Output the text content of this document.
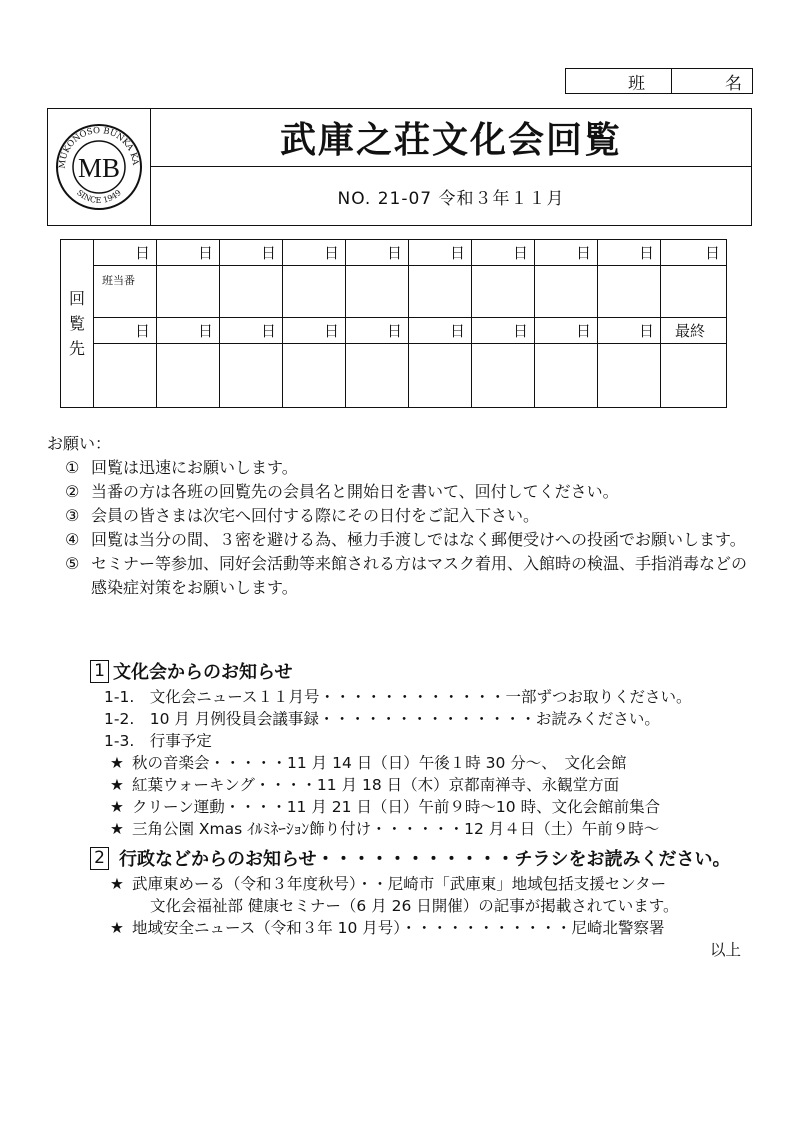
班	名
MUKONOSO BUNKA KA
SINCE 1949
MB
武庫之荘文化会回覧
NO. 21-07 令和３年１１月
回
覧
先	日	日	日	日	日	日	日	日	日	日

	班当番									

	日	日	日	日	日	日	日	日	日	最終

お願い：
① 回覧は迅速にお願いします。
② 当番の方は各班の回覧先の会員名と開始日を書いて、回付してください。
③ 会員の皆さまは次宅へ回付する際にその日付をご記入下さい。
④ 回覧は当分の間、３密を避ける為、極力手渡しではなく郵便受けへの投函でお願いします。
⑤ セミナー等参加、同好会活動等来館される方はマスク着用、入館時の検温、手指消毒などの感染症対策をお願いします。
1 文化会からのお知らせ
1-1.　文化会ニュース１１月号・・・・・・・・・・・・一部ずつお取りください。
1-2.　10 月 月例役員会議事録・・・・・・・・・・・・・・お読みください。
1-3.　行事予定
★ 秋の音楽会・・・・・11 月 14 日（日）午後１時 30 分～、　文化会館
★ 紅葉ウォーキング・・・・11 月 18 日（木）京都南禅寺、永観堂方面
★ クリーン運動・・・・11 月 21 日（日）午前９時～10 時、文化会館前集合
★ 三角公園 Xmas ｲﾙﾐﾈｰｼｮﾝ飾り付け・・・・・・12 月４日（土）午前９時～
2 行政などからのお知らせ・・・・・・・・・・・チラシをお読みください。
★ 武庫東めーる（令和３年度秋号）・・尼崎市「武庫東」地域包括支援センター
文化会福祉部 健康セミナー（6 月 26 日開催）の記事が掲載されています。
★ 地域安全ニュース（令和３年 10 月号）・・・・・・・・・・・尼崎北警察署
以上
